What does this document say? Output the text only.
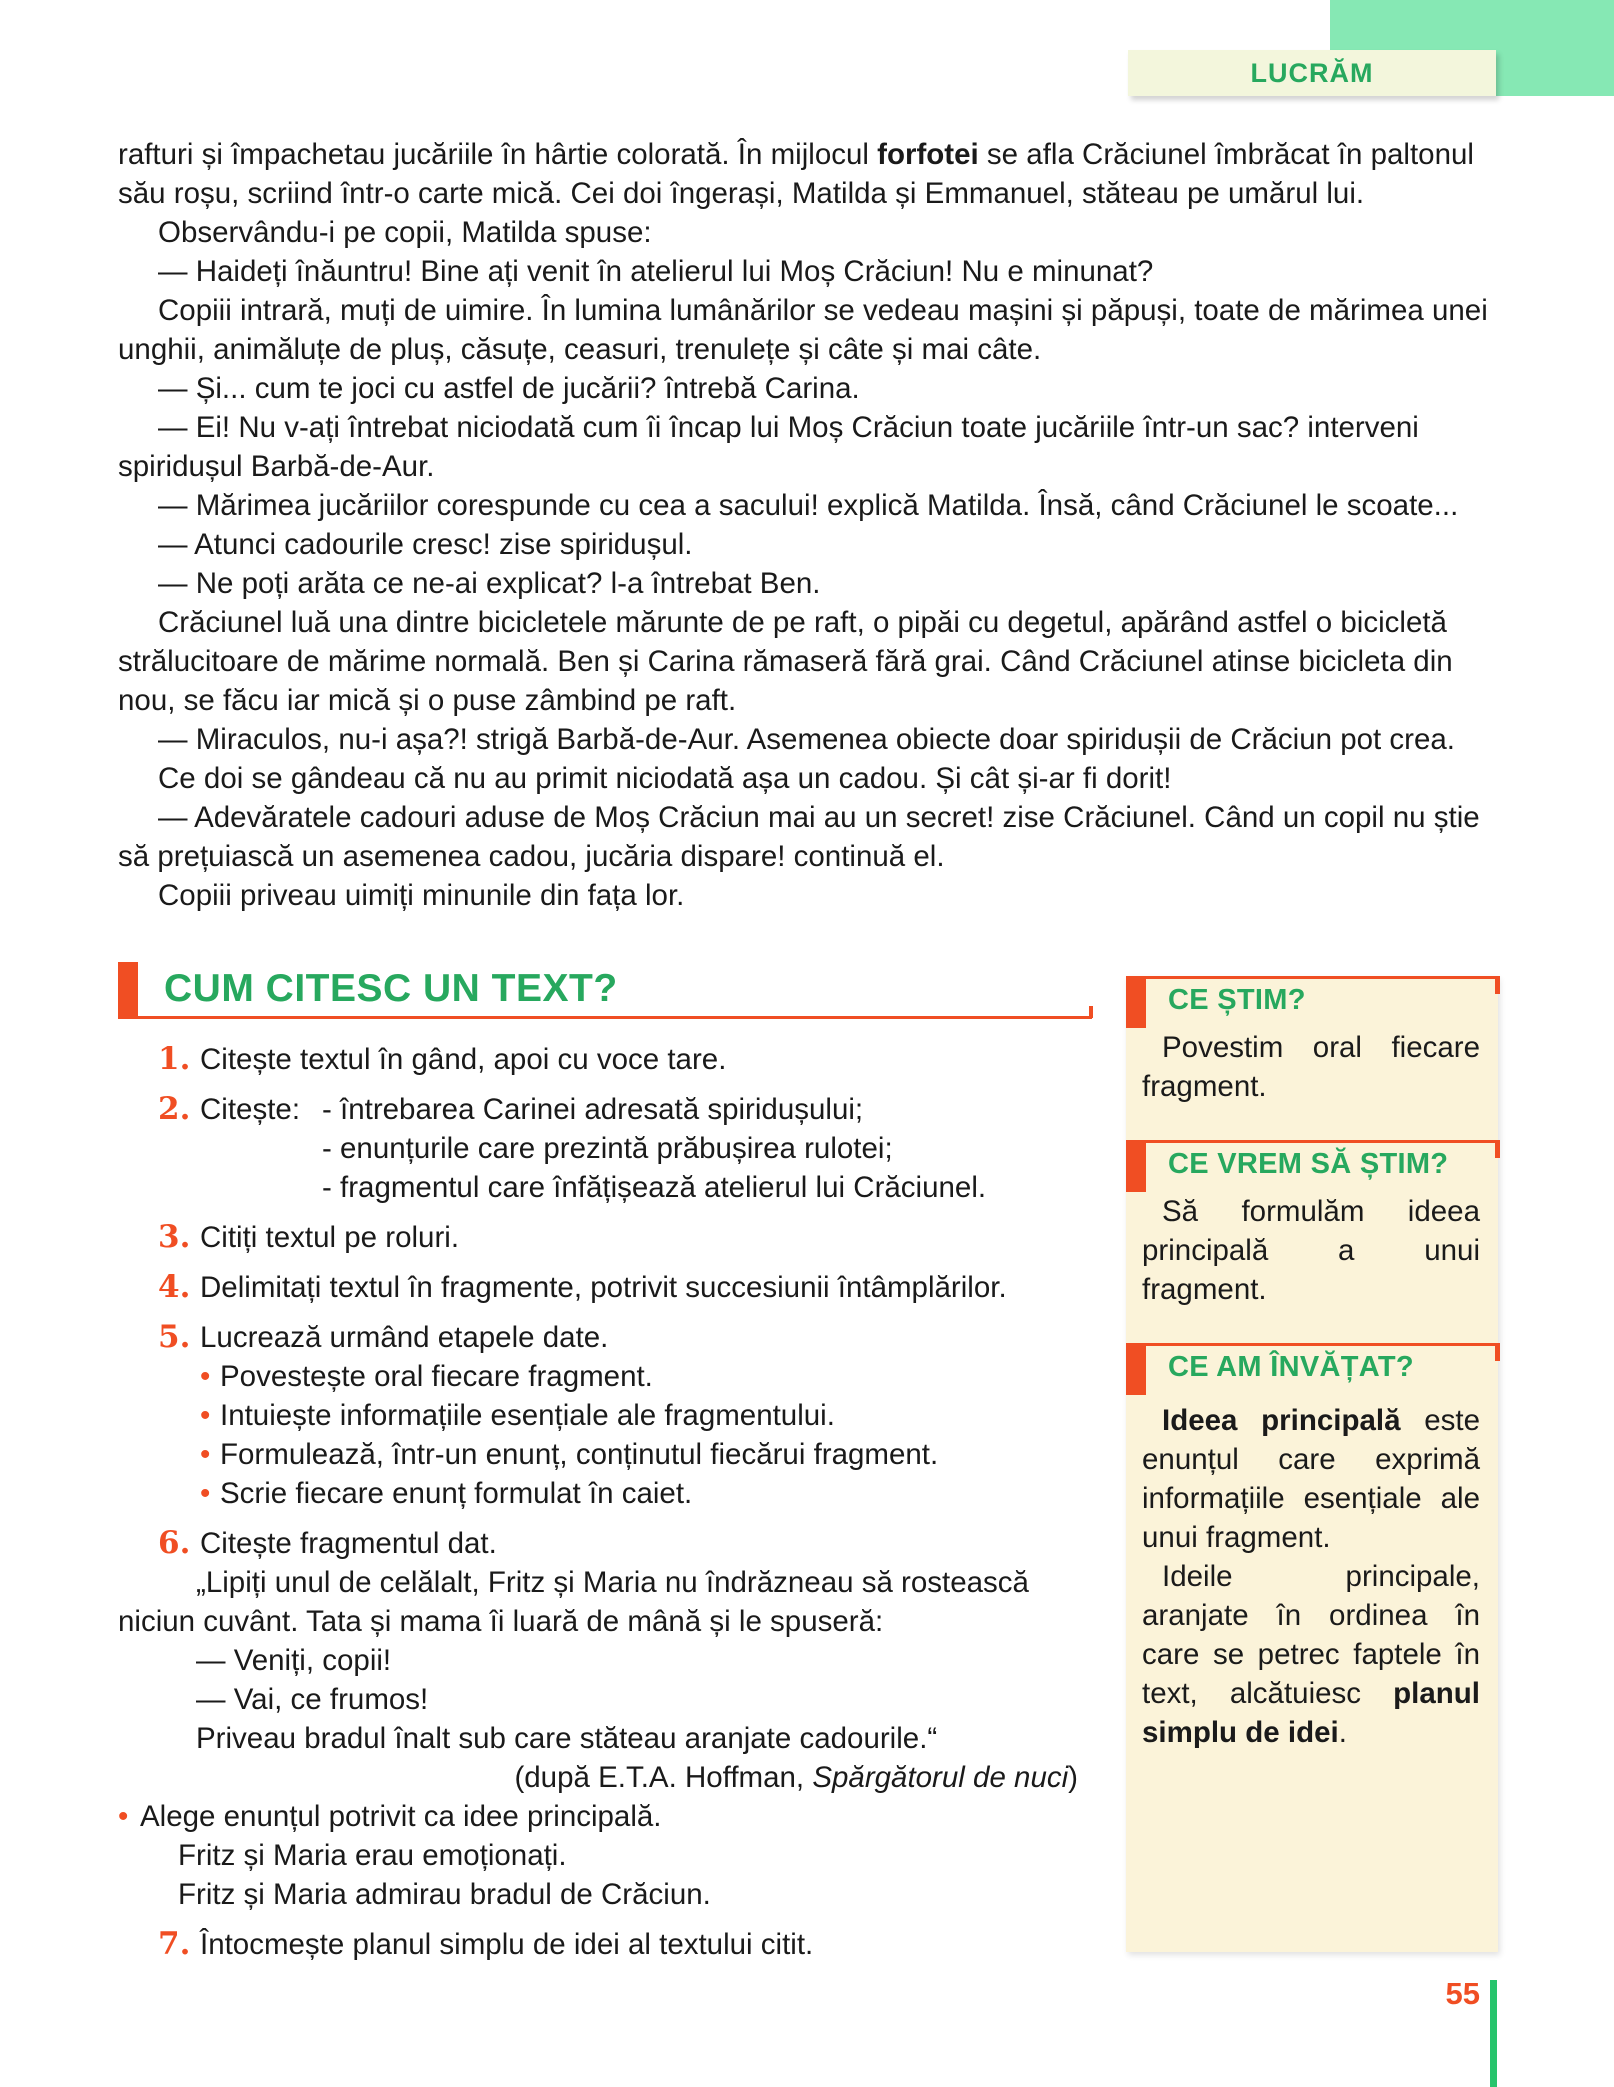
LUCRĂM

rafturi și împachetau jucăriile în hârtie colorată. În mijlocul forfotei se afla Crăciunel îmbrăcat în paltonul său roșu, scriind într-o carte mică. Cei doi îngerași, Matilda și Emmanuel, stăteau pe umărul lui.

Observându-i pe copii, Matilda spuse:

— Haideți înăuntru! Bine ați venit în atelierul lui Moș Crăciun! Nu e minunat?

Copiii intrară, muți de uimire. În lumina lumânărilor se vedeau mașini și păpuși, toate de mărimea unei unghii, animăluțe de pluș, căsuțe, ceasuri, trenulețe și câte și mai câte.

— Și... cum te joci cu astfel de jucării? întrebă Carina.

— Ei! Nu v-ați întrebat niciodată cum îi încap lui Moș Crăciun toate jucăriile într-un sac? interveni spiridușul Barbă-de-Aur.

— Mărimea jucăriilor corespunde cu cea a sacului! explică Matilda. Însă, când Crăciunel le scoate...

— Atunci cadourile cresc! zise spiridușul.

— Ne poți arăta ce ne-ai explicat? l-a întrebat Ben.

Crăciunel luă una dintre bicicletele mărunte de pe raft, o pipăi cu degetul, apărând astfel o bicicletă strălucitoare de mărime normală. Ben și Carina rămaseră fără grai. Când Crăciunel atinse bicicleta din nou, se făcu iar mică și o puse zâmbind pe raft.

— Miraculos, nu-i așa?! strigă Barbă-de-Aur. Asemenea obiecte doar spiridușii de Crăciun pot crea.

Ce doi se gândeau că nu au primit niciodată așa un cadou. Și cât și-ar fi dorit!

— Adevăratele cadouri aduse de Moș Crăciun mai au un secret! zise Crăciunel. Când un copil nu știe să prețuiască un asemenea cadou, jucăria dispare! continuă el.

Copiii priveau uimiți minunile din fața lor.

CUM CITESC UN TEXT?
1. Citește textul în gând, apoi cu voce tare.
2. Citește: - întrebarea Carinei adresată spiridușului;
- enunțurile care prezintă prăbușirea rulotei;
- fragmentul care înfățișează atelierul lui Crăciunel.
3. Citiți textul pe roluri.
4. Delimitați textul în fragmente, potrivit succesiunii întâmplărilor.
5. Lucrează urmând etapele date.
• Povestește oral fiecare fragment.
• Intuiește informațiile esențiale ale fragmentului.
• Formulează, într-un enunț, conținutul fiecărui fragment.
• Scrie fiecare enunț formulat în caiet.
6. Citește fragmentul dat.

„Lipiți unul de celălalt, Fritz și Maria nu îndrăzneau să rostească niciun cuvânt. Tata și mama îi luară de mână și le spuseră:

— Veniți, copii!

— Vai, ce frumos!

Priveau bradul înalt sub care stăteau aranjate cadourile.“

(după E.T.A. Hoffman, Spărgătorul de nuci)

• Alege enunțul potrivit ca idee principală.
Fritz și Maria erau emoționați.
Fritz și Maria admirau bradul de Crăciun.
7. Întocmește planul simplu de idei al textului citit.
CE ȘTIM?

Povestim oral fiecare fragment.

CE VREM SĂ ȘTIM?

Să formulăm ideea principală a unui fragment.

CE AM ÎNVĂȚAT?

Ideea principală este enunțul care exprimă informațiile esențiale ale unui fragment.

Ideile principale, aranjate în ordinea în care se petrec faptele în text, alcătuiesc planul simplu de idei.

55
